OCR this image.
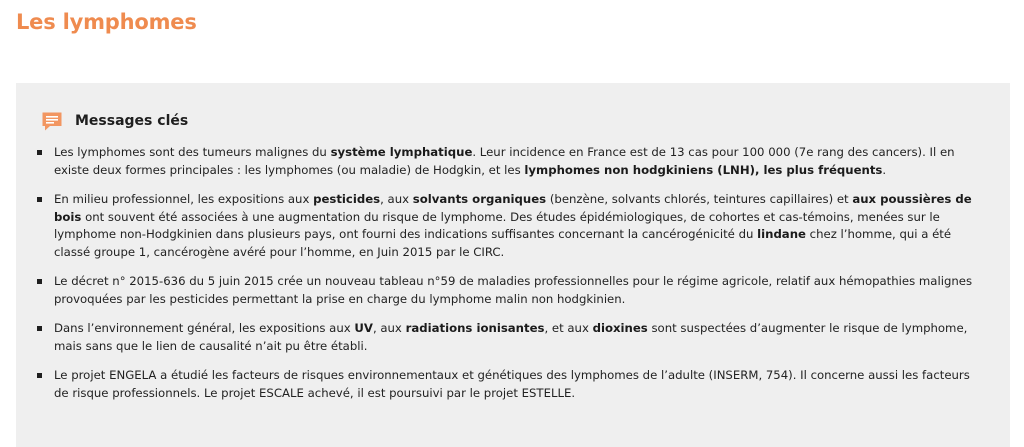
Les lymphomes
Messages clés
Les lymphomes sont des tumeurs malignes du système lymphatique. Leur incidence en France est de 13 cas pour 100 000 (7e rang des cancers). Il en existe deux formes principales : les lymphomes (ou maladie) de Hodgkin, et les lymphomes non hodgkiniens (LNH), les plus fréquents.
En milieu professionnel, les expositions aux pesticides, aux solvants organiques (benzène, solvants chlorés, teintures capillaires) et aux poussières de bois ont souvent été associées à une augmentation du risque de lymphome. Des études épidémiologiques, de cohortes et cas-témoins, menées sur le lymphome non-Hodgkinien dans plusieurs pays, ont fourni des indications suffisantes concernant la cancérogénicité du lindane chez l’homme, qui a été classé groupe 1, cancérogène avéré pour l’homme, en Juin 2015 par le CIRC.
Le décret n° 2015-636 du 5 juin 2015 crée un nouveau tableau n°59 de maladies professionnelles pour le régime agricole, relatif aux hémopathies malignes provoquées par les pesticides permettant la prise en charge du lymphome malin non hodgkinien.
Dans l’environnement général, les expositions aux UV, aux radiations ionisantes, et aux dioxines sont suspectées d’augmenter le risque de lymphome, mais sans que le lien de causalité n’ait pu être établi.
Le projet ENGELA a étudié les facteurs de risques environnementaux et génétiques des lymphomes de l’adulte (INSERM, 754). Il concerne aussi les facteurs de risque professionnels. Le projet ESCALE achevé, il est poursuivi par le projet ESTELLE.
